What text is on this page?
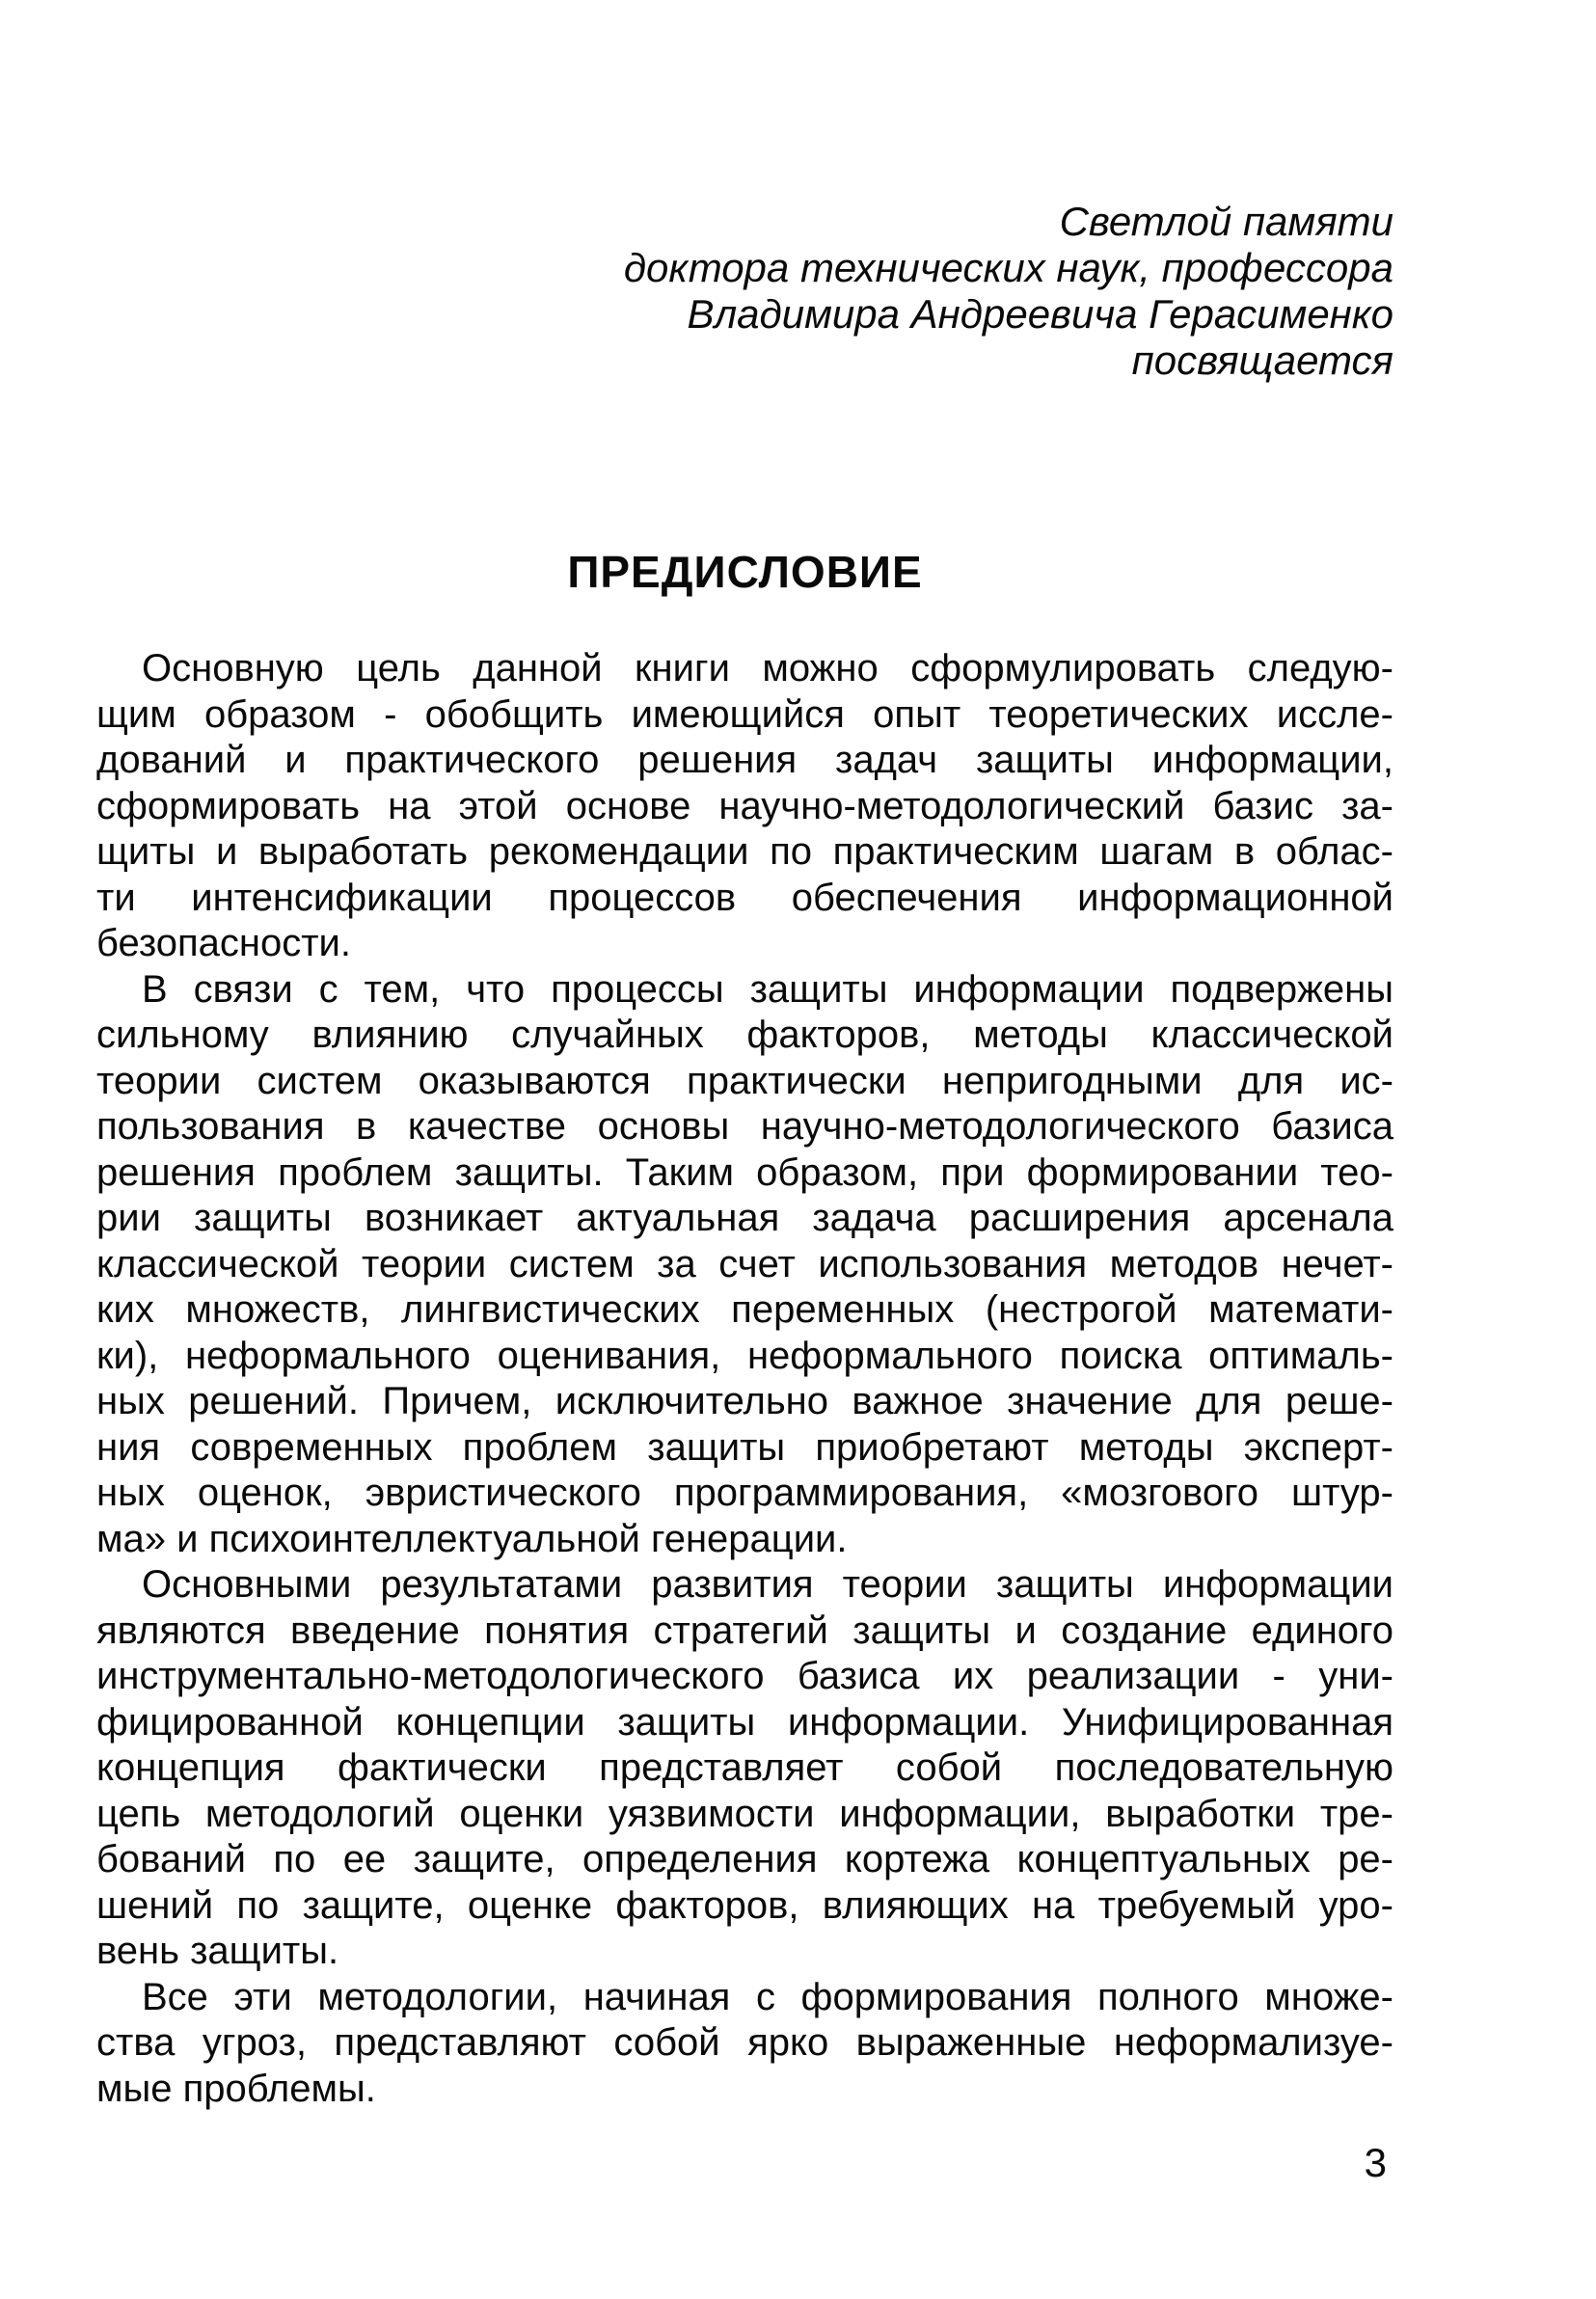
Светлой памяти
доктора технических наук, профессора
Владимира Андреевича Герасименко
посвящается
ПРЕДИСЛОВИЕ
Основную цель данной книги можно сформулировать следую-
щим образом - обобщить имеющийся опыт теоретических иссле-
дований и практического решения задач защиты информации,
сформировать на этой основе научно-методологический базис за-
щиты и выработать рекомендации по практическим шагам в облас-
ти интенсификации процессов обеспечения информационной
безопасности.
В связи с тем, что процессы защиты информации подвержены
сильному влиянию случайных факторов, методы классической
теории систем оказываются практически непригодными для ис-
пользования в качестве основы научно-методологического базиса
решения проблем защиты. Таким образом, при формировании тео-
рии защиты возникает актуальная задача расширения арсенала
классической теории систем за счет использования методов нечет-
ких множеств, лингвистических переменных (нестрогой математи-
ки), неформального оценивания, неформального поиска оптималь-
ных решений. Причем, исключительно важное значение для реше-
ния современных проблем защиты приобретают методы эксперт-
ных оценок, эвристического программирования, «мозгового штур-
ма» и психоинтеллектуальной генерации.
Основными результатами развития теории защиты информации
являются введение понятия стратегий защиты и создание единого
инструментально-методологического базиса их реализации - уни-
фицированной концепции защиты информации. Унифицированная
концепция фактически представляет собой последовательную
цепь методологий оценки уязвимости информации, выработки тре-
бований по ее защите, определения кортежа концептуальных ре-
шений по защите, оценке факторов, влияющих на требуемый уро-
вень защиты.
Все эти методологии, начиная с формирования полного множе-
ства угроз, представляют собой ярко выраженные неформализуе-
мые проблемы.
3
